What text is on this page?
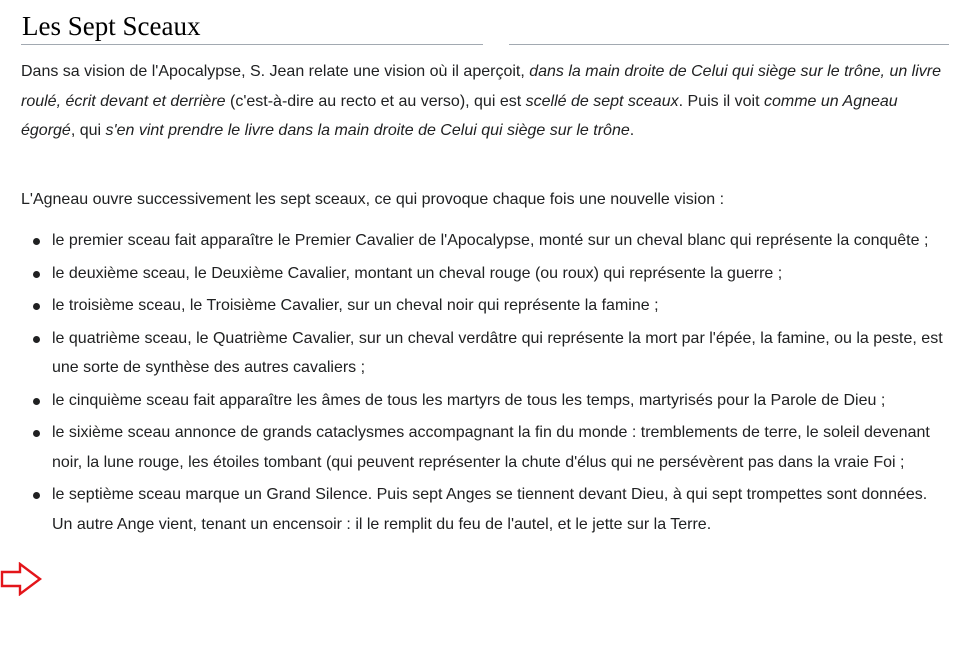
Les Sept Sceaux

Dans sa vision de l'Apocalypse, S. Jean relate une vision où il aperçoit, dans la main droite de Celui qui siège sur le trône, un livre roulé, écrit devant et derrière (c'est-à-dire au recto et au verso), qui est scellé de sept sceaux. Puis il voit comme un Agneau égorgé, qui s'en vint prendre le livre dans la main droite de Celui qui siège sur le trône.

L'Agneau ouvre successivement les sept sceaux, ce qui provoque chaque fois une nouvelle vision :

le premier sceau fait apparaître le Premier Cavalier de l'Apocalypse, monté sur un cheval blanc qui représente la conquête ;
le deuxième sceau, le Deuxième Cavalier, montant un cheval rouge (ou roux) qui représente la guerre ;
le troisième sceau, le Troisième Cavalier, sur un cheval noir qui représente la famine ;
le quatrième sceau, le Quatrième Cavalier, sur un cheval verdâtre qui représente la mort par l'épée, la famine, ou la peste, est une sorte de synthèse des autres cavaliers ;
le cinquième sceau fait apparaître les âmes de tous les martyrs de tous les temps, martyrisés pour la Parole de Dieu ;
le sixième sceau annonce de grands cataclysmes accompagnant la fin du monde : tremblements de terre, le soleil devenant noir, la lune rouge, les étoiles tombant (qui peuvent représenter la chute d'élus qui ne persévèrent pas dans la vraie Foi ;
le septième sceau marque un Grand Silence. Puis sept Anges se tiennent devant Dieu, à qui sept trompettes sont données. Un autre Ange vient, tenant un encensoir : il le remplit du feu de l'autel, et le jette sur la Terre.
